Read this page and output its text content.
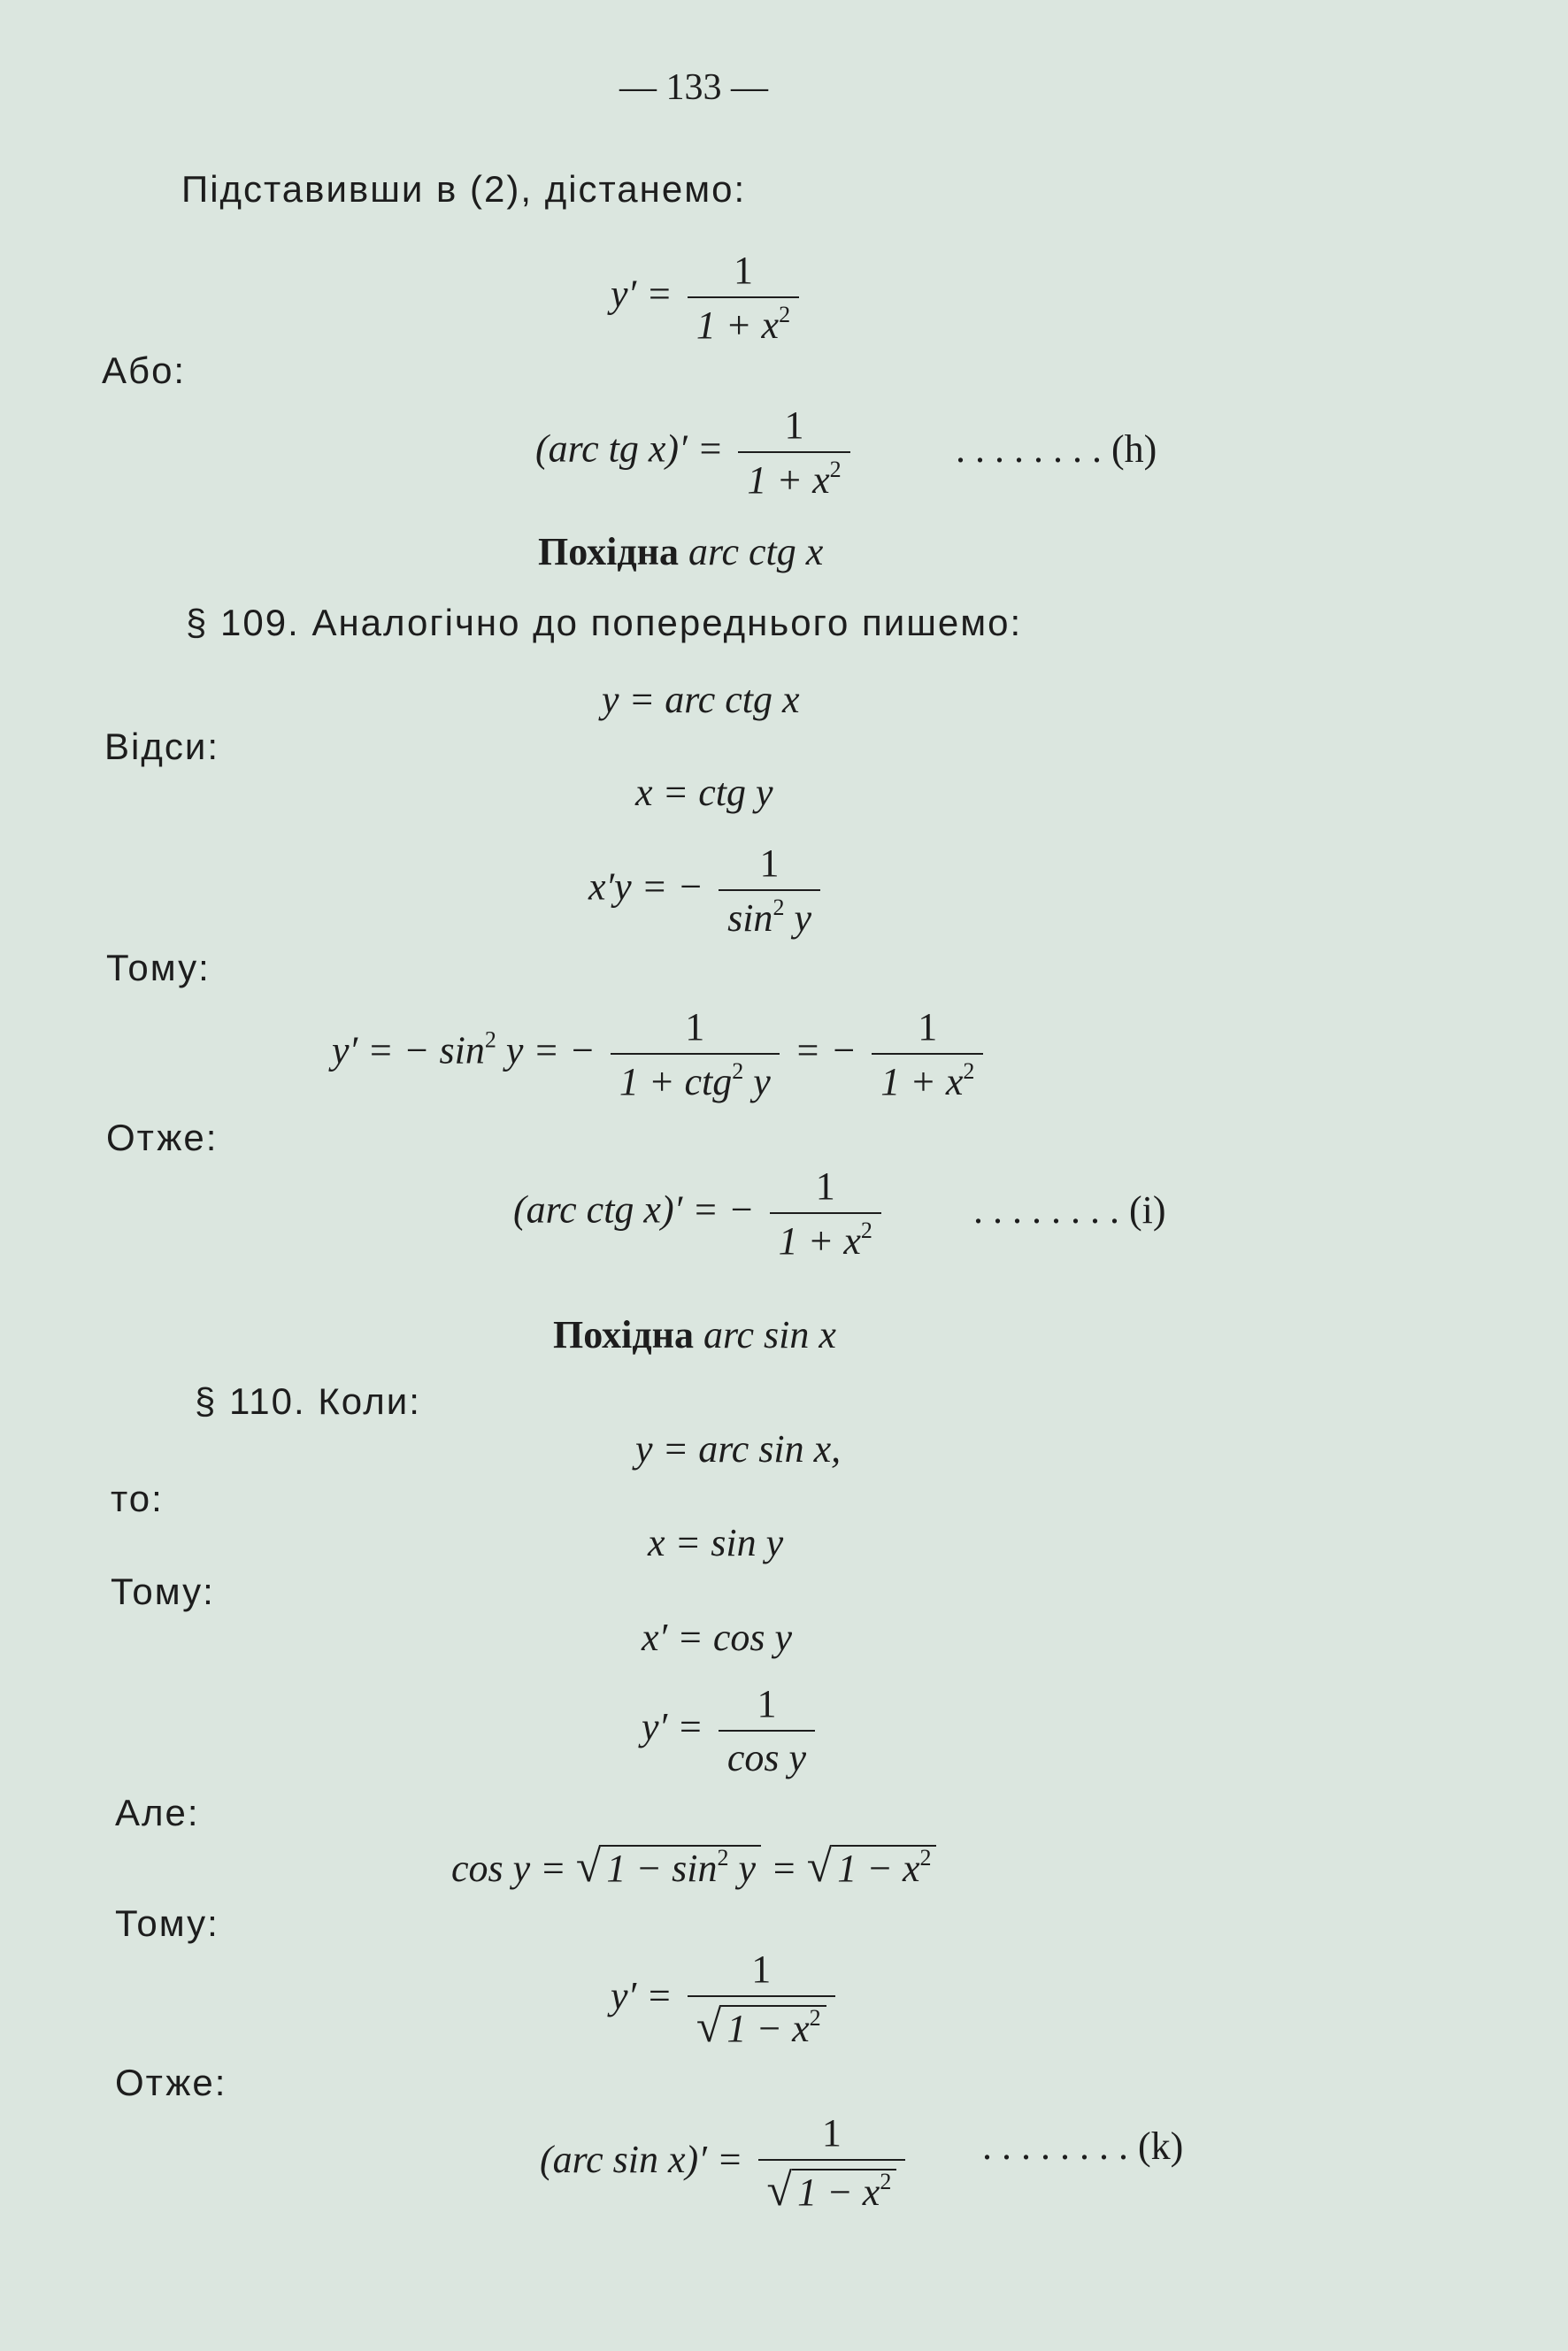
— 133 —
Підставивши в (2), дістанемо:
$y' = \frac{1}{1 + x^2}$
Або:
(arc tg $x)' = \frac{1}{1 + x^2}$	. . . . . . . . (h)
Похідна arc ctg x
§ 109. Аналогічно до попереднього пишемо:
y = arc ctg x
Відси:
x = ctg y
x′y = − $\frac{1}{\sin^2 y}$
Тому:
y′ = − $\sin^2 y$ = − $\frac{1}{1 + ctg^2 y}$ = − $\frac{1}{1 + x^2}$
Отже:
(arc ctg x)′ = − $\frac{1}{1 + x^2}$ . . . . . . . . (i)
Похідна arc sin x
§ 110. Коли:
y = arc sin x,
то:
x = sin y
Тому:
x′ = cos y
$y' = \frac{1}{\text{cos y}}$
Але:
cos y = √ $1 - \sin^2 y$ = √ $1 - x^2$
Тому:
$y' = \frac{1}{√ 1 - x^2}$
Отже:
(arc $\sin x)' = \frac{1}{√ 1 - x^2}$ . . . . . . . . (k)
